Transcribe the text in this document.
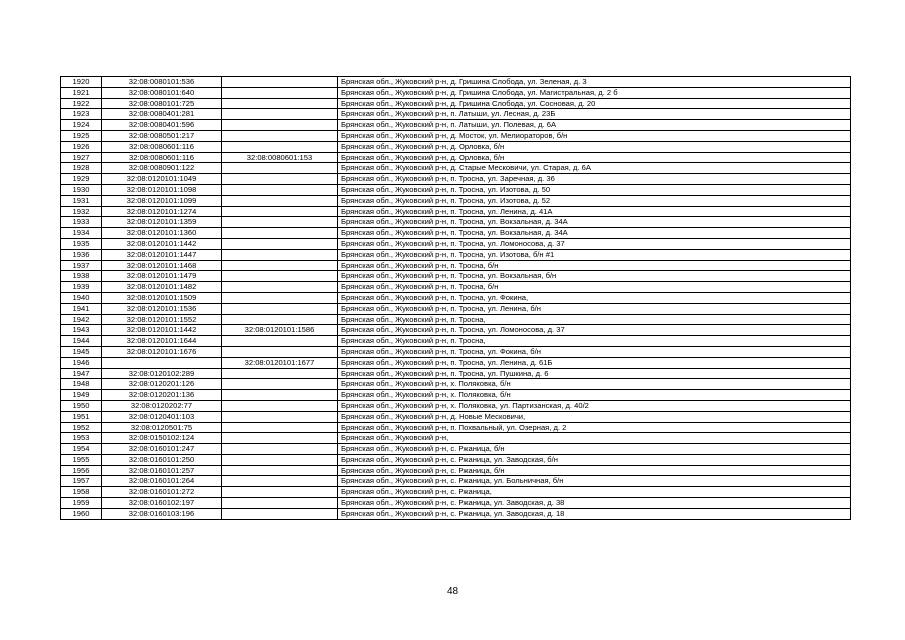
1920	32:08:0080101:536		Брянская обл., Жуковский р-н, д. Гришина Слобода, ул. Зеленая, д. 3
1921	32:08:0080101:640		Брянская обл., Жуковский р-н, д. Гришина Слобода, ул. Магистральная, д. 2 б
1922	32:08:0080101:725		Брянская обл., Жуковский р-н, д. Гришина Слобода, ул. Сосновая, д. 20
1923	32:08:0080401:281		Брянская обл., Жуковский р-н, п. Латыши, ул. Лесная, д. 23Б
1924	32:08:0080401:596		Брянская обл., Жуковский р-н, п. Латыши, ул. Полевая, д. 6А
1925	32:08:0080501:217		Брянская обл., Жуковский р-н, д. Мосток, ул. Мелиораторов, б/н
1926	32:08:0080601:116		Брянская обл., Жуковский р-н, д. Орловка, б/н
1927	32:08:0080601:116	32:08:0080601:153	Брянская обл., Жуковский р-н, д. Орловка, б/н
1928	32:08:0080901:122		Брянская обл., Жуковский р-н, д. Старые Месковичи, ул. Старая, д. 6А
1929	32:08:0120101:1049		Брянская обл., Жуковский р-н, п. Тросна, ул. Заречная, д. 36
1930	32:08:0120101:1098		Брянская обл., Жуковский р-н, п. Тросна, ул. Изотова, д. 50
1931	32:08:0120101:1099		Брянская обл., Жуковский р-н, п. Тросна, ул. Изотова, д. 52
1932	32:08:0120101:1274		Брянская обл., Жуковский р-н, п. Тросна, ул. Ленина, д. 41А
1933	32:08:0120101:1359		Брянская обл., Жуковский р-н, п. Тросна, ул. Вокзальная, д. 34А
1934	32:08:0120101:1360		Брянская обл., Жуковский р-н, п. Тросна, ул. Вокзальная, д. 34А
1935	32:08:0120101:1442		Брянская обл., Жуковский р-н, п. Тросна, ул. Ломоносова, д. 37
1936	32:08:0120101:1447		Брянская обл., Жуковский р-н, п. Тросна, ул. Изотова, б/н #1
1937	32:08:0120101:1468		Брянская обл., Жуковский р-н, п. Тросна, б/н
1938	32:08:0120101:1479		Брянская обл., Жуковский р-н, п. Тросна, ул. Вокзальная, б/н
1939	32:08:0120101:1482		Брянская обл., Жуковский р-н, п. Тросна, б/н
1940	32:08:0120101:1509		Брянская обл., Жуковский р-н, п. Тросна, ул. Фокина,
1941	32:08:0120101:1536		Брянская обл., Жуковский р-н, п. Тросна, ул. Ленина, б/н
1942	32:08:0120101:1552		Брянская обл., Жуковский р-н, п. Тросна,
1943	32:08:0120101:1442	32:08:0120101:1586	Брянская обл., Жуковский р-н, п. Тросна, ул. Ломоносова, д. 37
1944	32:08:0120101:1644		Брянская обл., Жуковский р-н, п. Тросна,
1945	32:08:0120101:1676		Брянская обл., Жуковский р-н, п. Тросна, ул. Фокина, б/н
1946		32:08:0120101:1677	Брянская обл., Жуковский р-н, п. Тросна, ул. Ленина, д. 61Б
1947	32:08:0120102:289		Брянская обл., Жуковский р-н, п. Тросна, ул. Пушкина, д. 6
1948	32:08:0120201:126		Брянская обл., Жуковский р-н, х. Поляковка, б/н
1949	32:08:0120201:136		Брянская обл., Жуковский р-н, х. Поляковка, б/н
1950	32:08:0120202:77		Брянская обл., Жуковский р-н, х. Поляковка, ул. Партизанская, д. 40/2
1951	32:08:0120401:103		Брянская обл., Жуковский р-н, д. Новые Месковичи,
1952	32:08:0120501:75		Брянская обл., Жуковский р-н, п. Похвальный, ул. Озерная, д. 2
1953	32:08:0150102:124		Брянская обл., Жуковский р-н,
1954	32:08:0160101:247		Брянская обл., Жуковский р-н, с. Ржаница, б/н
1955	32:08:0160101:250		Брянская обл., Жуковский р-н, с. Ржаница, ул. Заводская, б/н
1956	32:08:0160101:257		Брянская обл., Жуковский р-н, с. Ржаница, б/н
1957	32:08:0160101:264		Брянская обл., Жуковский р-н, с. Ржаница, ул. Больничная, б/н
1958	32:08:0160101:272		Брянская обл., Жуковский р-н, с. Ржаница,
1959	32:08:0160102:197		Брянская обл., Жуковский р-н, с. Ржаница, ул. Заводская, д. 38
1960	32:08:0160103:196		Брянская обл., Жуковский р-н, с. Ржаница, ул. Заводская, д. 18
48
